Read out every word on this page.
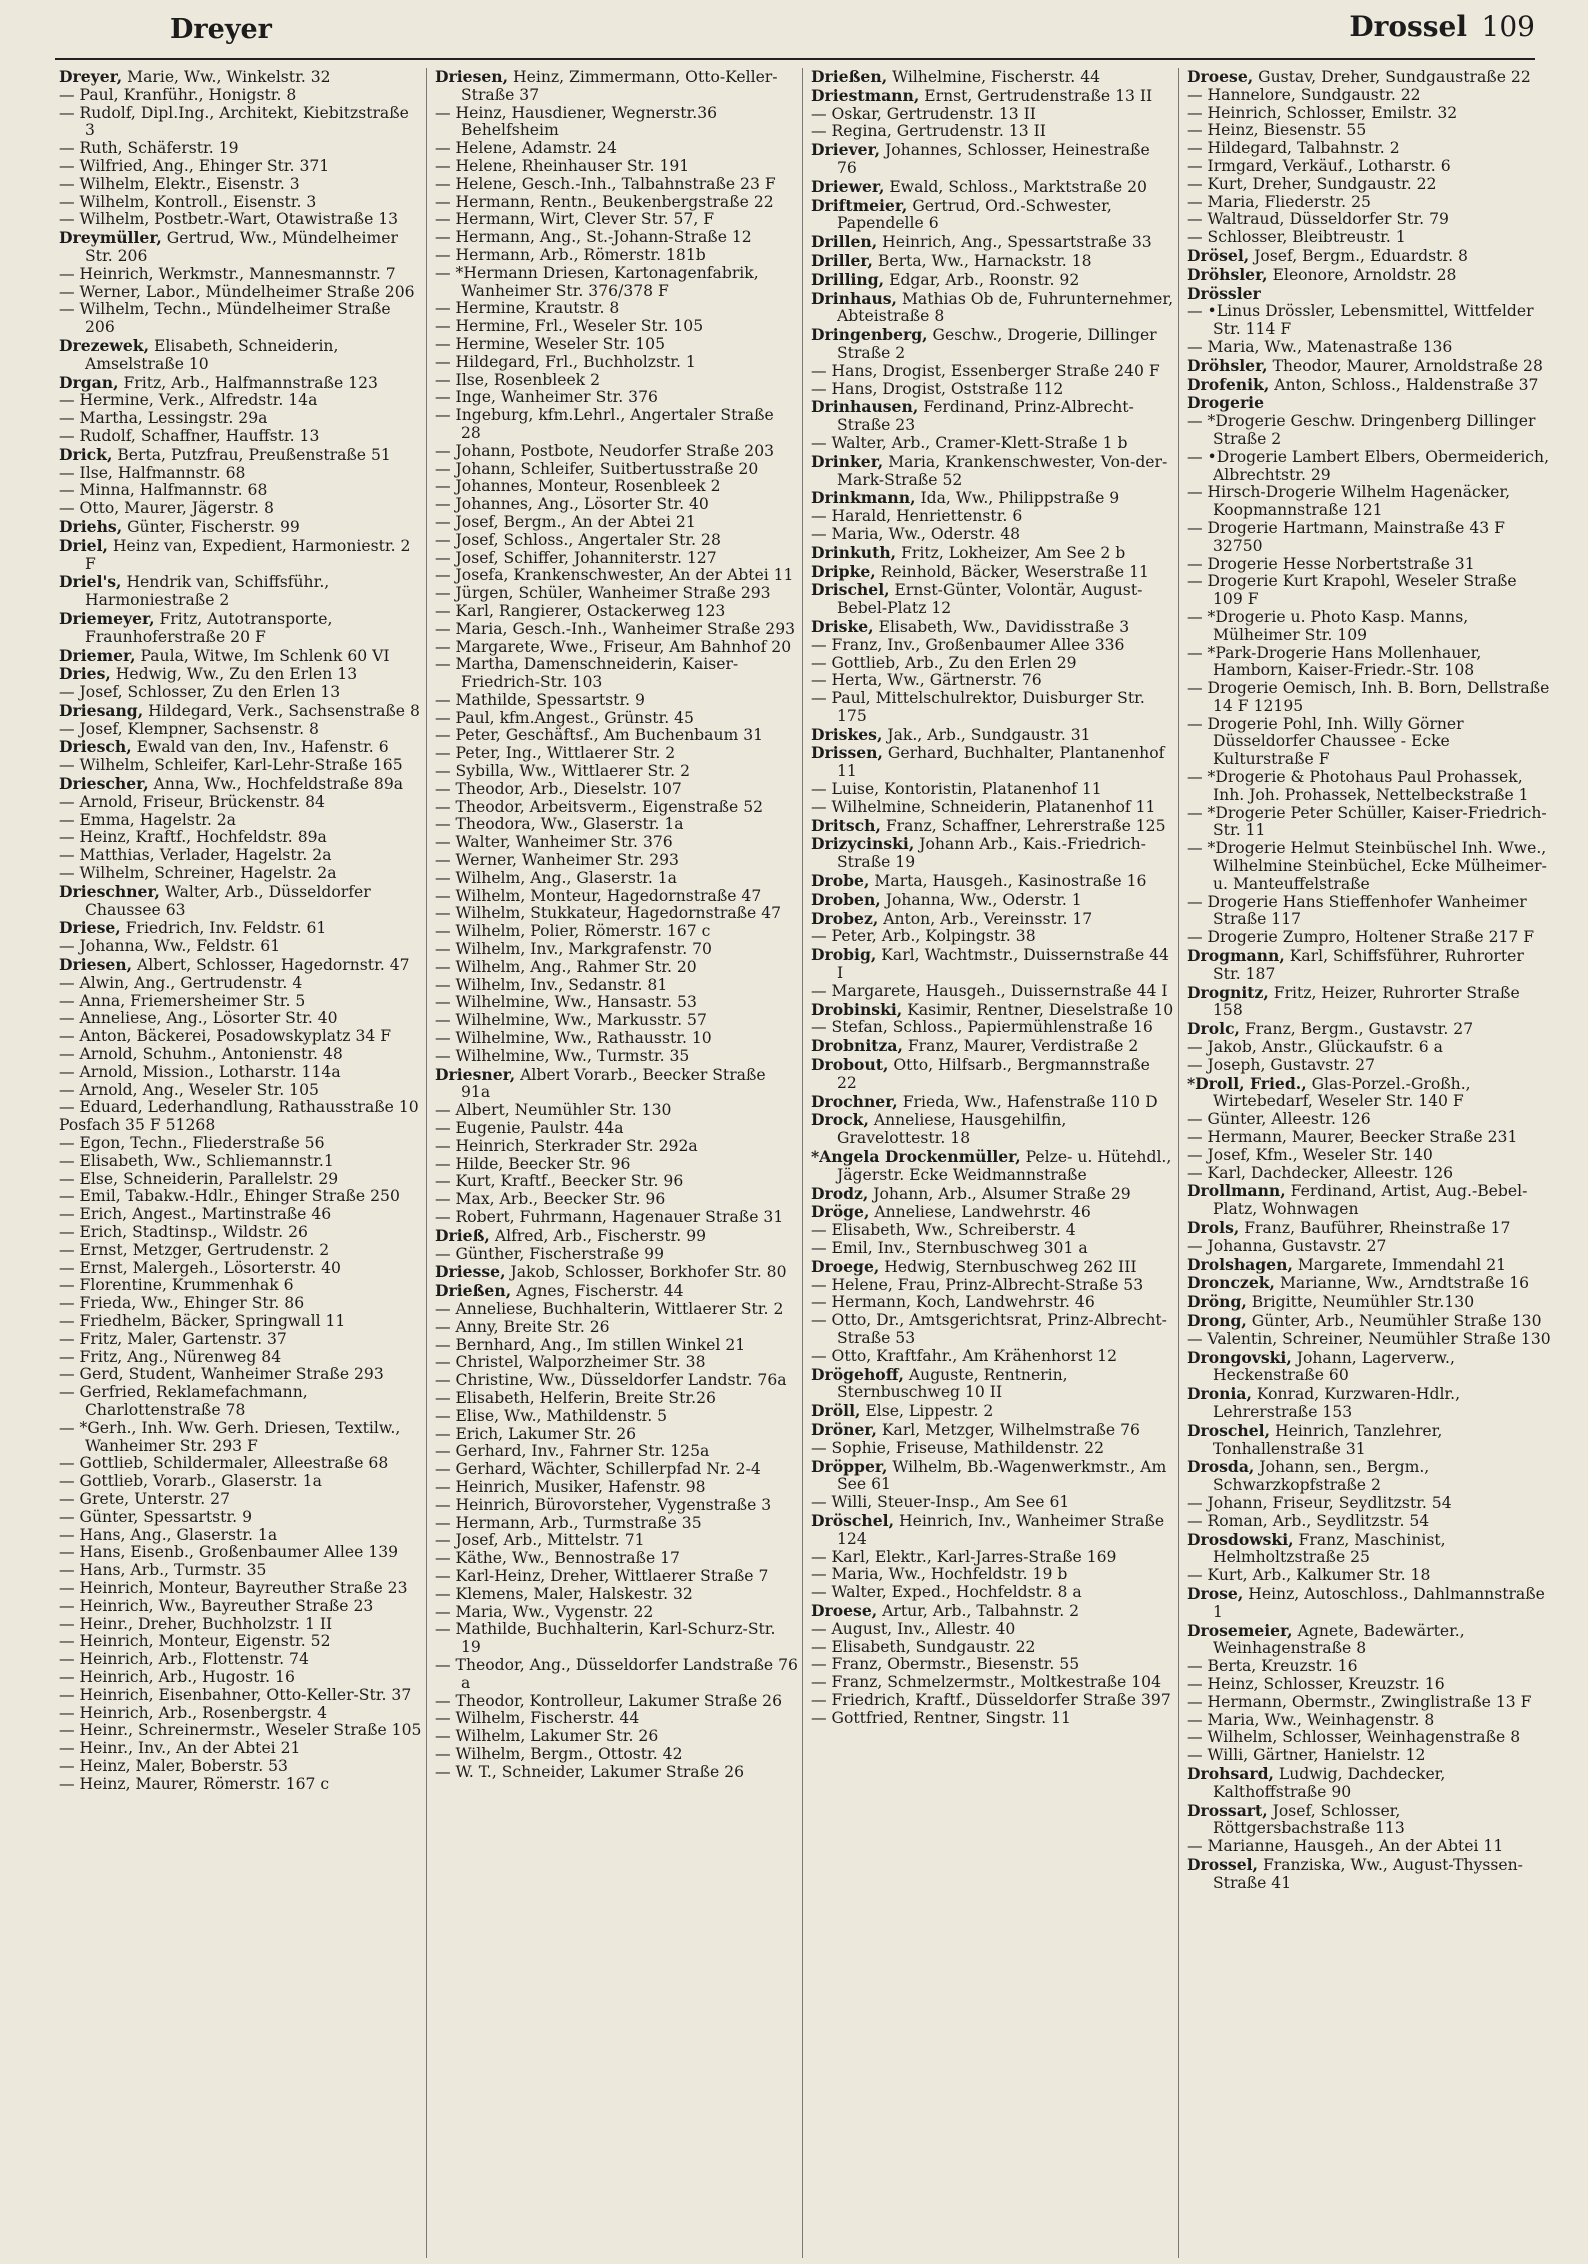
Dreyer	Drossel 109
Dreyer, Marie, Ww., Winkelstr. 32
— Paul, Kranführ., Honigstr. 8
— Rudolf, Dipl.Ing., Architekt, Kiebitzstraße 3
— Ruth, Schäferstr. 19
— Wilfried, Ang., Ehinger Str. 371
— Wilhelm, Elektr., Eisenstr. 3
— Wilhelm, Kontroll., Eisenstr. 3
— Wilhelm, Postbetr.-Wart, Otawistraße 13
Dreymüller, Gertrud, Ww., Mündelheimer Str. 206
— Heinrich, Werkmstr., Mannesmannstr. 7
— Werner, Labor., Mündelheimer Straße 206
— Wilhelm, Techn., Mündelheimer Straße 206
Drezewek, Elisabeth, Schneiderin, Amselstraße 10
Drgan, Fritz, Arb., Halfmannstraße 123
— Hermine, Verk., Alfredstr. 14a
— Martha, Lessingstr. 29a
— Rudolf, Schaffner, Hauffstr. 13
Drick, Berta, Putzfrau, Preußenstraße 51
— Ilse, Halfmannstr. 68
— Minna, Halfmannstr. 68
— Otto, Maurer, Jägerstr. 8
Driehs, Günter, Fischerstr. 99
Driel, Heinz van, Expedient, Harmoniestr. 2 F
Driel's, Hendrik van, Schiffsführ., Harmoniestraße 2
Driemeyer, Fritz, Autotransporte, Fraunhoferstraße 20 F
Driemer, Paula, Witwe, Im Schlenk 60 VI
Dries, Hedwig, Ww., Zu den Erlen 13
— Josef, Schlosser, Zu den Erlen 13
Driesang, Hildegard, Verk., Sachsenstraße 8
— Josef, Klempner, Sachsenstr. 8
Driesch, Ewald van den, Inv., Hafenstr. 6
— Wilhelm, Schleifer, Karl-Lehr-Straße 165
Driescher, Anna, Ww., Hochfeldstraße 89a
— Arnold, Friseur, Brückenstr. 84
— Emma, Hagelstr. 2a
— Heinz, Kraftf., Hochfeldstr. 89a
— Matthias, Verlader, Hagelstr. 2a
— Wilhelm, Schreiner, Hagelstr. 2a
Drieschner, Walter, Arb., Düsseldorfer Chaussee 63
Driese, Friedrich, Inv. Feldstr. 61
— Johanna, Ww., Feldstr. 61
Driesen, Albert, Schlosser, Hagedornstr. 47
— Alwin, Ang., Gertrudenstr. 4
— Anna, Friemersheimer Str. 5
— Anneliese, Ang., Lösorter Str. 40
— Anton, Bäckerei, Posadowskyplatz 34 F
— Arnold, Schuhm., Antonienstr. 48
— Arnold, Mission., Lotharstr. 114a
— Arnold, Ang., Weseler Str. 105
— Eduard, Lederhandlung, Rathausstraße 10
Posfach 35 F 51268
— Egon, Techn., Fliederstraße 56
— Elisabeth, Ww., Schliemannstr.1
— Else, Schneiderin, Parallelstr. 29
— Emil, Tabakw.-Hdlr., Ehinger Straße 250
— Erich, Angest., Martinstraße 46
— Erich, Stadtinsp., Wildstr. 26
— Ernst, Metzger, Gertrudenstr. 2
— Ernst, Malergeh., Lösorterstr. 40
— Florentine, Krummenhak 6
— Frieda, Ww., Ehinger Str. 86
— Friedhelm, Bäcker, Springwall 11
— Fritz, Maler, Gartenstr. 37
— Fritz, Ang., Nürenweg 84
— Gerd, Student, Wanheimer Straße 293
— Gerfried, Reklamefachmann, Charlottenstraße 78
— *Gerh., Inh. Ww. Gerh. Driesen, Textilw., Wanheimer Str. 293 F
— Gottlieb, Schildermaler, Alleestraße 68
— Gottlieb, Vorarb., Glaserstr. 1a
— Grete, Unterstr. 27
— Günter, Spessartstr. 9
— Hans, Ang., Glaserstr. 1a
— Hans, Eisenb., Großenbaumer Allee 139
— Hans, Arb., Turmstr. 35
— Heinrich, Monteur, Bayreuther Straße 23
— Heinrich, Ww., Bayreuther Straße 23
— Heinr., Dreher, Buchholzstr. 1 II
— Heinrich, Monteur, Eigenstr. 52
— Heinrich, Arb., Flottenstr. 74
— Heinrich, Arb., Hugostr. 16
— Heinrich, Eisenbahner, Otto-Keller-Str. 37
— Heinrich, Arb., Rosenbergstr. 4
— Heinr., Schreinermstr., Weseler Straße 105
— Heinr., Inv., An der Abtei 21
— Heinz, Maler, Boberstr. 53
— Heinz, Maurer, Römerstr. 167 c
Driesen, Heinz, Zimmermann, Otto-Keller-Straße 37
— Heinz, Hausdiener, Wegnerstr.36 Behelfsheim
— Helene, Adamstr. 24
— Helene, Rheinhauser Str. 191
— Helene, Gesch.-Inh., Talbahnstraße 23 F
— Hermann, Rentn., Beukenbergstraße 22
— Hermann, Wirt, Clever Str. 57, F
— Hermann, Ang., St.-Johann-Straße 12
— Hermann, Arb., Römerstr. 181b
— *Hermann Driesen, Kartonagenfabrik, Wanheimer Str. 376/378 F
— Hermine, Krautstr. 8
— Hermine, Frl., Weseler Str. 105
— Hermine, Weseler Str. 105
— Hildegard, Frl., Buchholzstr. 1
— Ilse, Rosenbleek 2
— Inge, Wanheimer Str. 376
— Ingeburg, kfm.Lehrl., Angertaler Straße 28
— Johann, Postbote, Neudorfer Straße 203
— Johann, Schleifer, Suitbertusstraße 20
— Johannes, Monteur, Rosenbleek 2
— Johannes, Ang., Lösorter Str. 40
— Josef, Bergm., An der Abtei 21
— Josef, Schloss., Angertaler Str. 28
— Josef, Schiffer, Johanniterstr. 127
— Josefa, Krankenschwester, An der Abtei 11
— Jürgen, Schüler, Wanheimer Straße 293
— Karl, Rangierer, Ostackerweg 123
— Maria, Gesch.-Inh., Wanheimer Straße 293
— Margarete, Wwe., Friseur, Am Bahnhof 20
— Martha, Damenschneiderin, Kaiser-Friedrich-Str. 103
— Mathilde, Spessartstr. 9
— Paul, kfm.Angest., Grünstr. 45
— Peter, Geschäftsf., Am Buchenbaum 31
— Peter, Ing., Wittlaerer Str. 2
— Sybilla, Ww., Wittlaerer Str. 2
— Theodor, Arb., Dieselstr. 107
— Theodor, Arbeitsverm., Eigenstraße 52
— Theodora, Ww., Glaserstr. 1a
— Walter, Wanheimer Str. 376
— Werner, Wanheimer Str. 293
— Wilhelm, Ang., Glaserstr. 1a
— Wilhelm, Monteur, Hagedornstraße 47
— Wilhelm, Stukkateur, Hagedornstraße 47
— Wilhelm, Polier, Römerstr. 167 c
— Wilhelm, Inv., Markgrafenstr. 70
— Wilhelm, Ang., Rahmer Str. 20
— Wilhelm, Inv., Sedanstr. 81
— Wilhelmine, Ww., Hansastr. 53
— Wilhelmine, Ww., Markusstr. 57
— Wilhelmine, Ww., Rathausstr. 10
— Wilhelmine, Ww., Turmstr. 35
Driesner, Albert Vorarb., Beecker Straße 91a
— Albert, Neumühler Str. 130
— Eugenie, Paulstr. 44a
— Heinrich, Sterkrader Str. 292a
— Hilde, Beecker Str. 96
— Kurt, Kraftf., Beecker Str. 96
— Max, Arb., Beecker Str. 96
— Robert, Fuhrmann, Hagenauer Straße 31
Drieß, Alfred, Arb., Fischerstr. 99
— Günther, Fischerstraße 99
Driesse, Jakob, Schlosser, Borkhofer Str. 80
Drießen, Agnes, Fischerstr. 44
— Anneliese, Buchhalterin, Wittlaerer Str. 2
— Anny, Breite Str. 26
— Bernhard, Ang., Im stillen Winkel 21
— Christel, Walporzheimer Str. 38
— Christine, Ww., Düsseldorfer Landstr. 76a
— Elisabeth, Helferin, Breite Str.26
— Elise, Ww., Mathildenstr. 5
— Erich, Lakumer Str. 26
— Gerhard, Inv., Fahrner Str. 125a
— Gerhard, Wächter, Schillerpfad Nr. 2-4
— Heinrich, Musiker, Hafenstr. 98
— Heinrich, Bürovorsteher, Vygenstraße 3
— Hermann, Arb., Turmstraße 35
— Josef, Arb., Mittelstr. 71
— Käthe, Ww., Bennostraße 17
— Karl-Heinz, Dreher, Wittlaerer Straße 7
— Klemens, Maler, Halskestr. 32
— Maria, Ww., Vygenstr. 22
— Mathilde, Buchhalterin, Karl-Schurz-Str. 19
— Theodor, Ang., Düsseldorfer Landstraße 76 a
— Theodor, Kontrolleur, Lakumer Straße 26
— Wilhelm, Fischerstr. 44
— Wilhelm, Lakumer Str. 26
— Wilhelm, Bergm., Ottostr. 42
— W. T., Schneider, Lakumer Straße 26
Drießen, Wilhelmine, Fischerstr. 44
Driestmann, Ernst, Gertrudenstraße 13 II
— Oskar, Gertrudenstr. 13 II
— Regina, Gertrudenstr. 13 II
Driever, Johannes, Schlosser, Heinestraße 76
Driewer, Ewald, Schloss., Marktstraße 20
Driftmeier, Gertrud, Ord.-Schwester, Papendelle 6
Drillen, Heinrich, Ang., Spessartstraße 33
Driller, Berta, Ww., Harnackstr. 18
Drilling, Edgar, Arb., Roonstr. 92
Drinhaus, Mathias Ob de, Fuhrunternehmer, Abteistraße 8
Dringenberg, Geschw., Drogerie, Dillinger Straße 2
— Hans, Drogist, Essenberger Straße 240 F
— Hans, Drogist, Oststraße 112
Drinhausen, Ferdinand, Prinz-Albrecht-Straße 23
— Walter, Arb., Cramer-Klett-Straße 1 b
Drinker, Maria, Krankenschwester, Von-der-Mark-Straße 52
Drinkmann, Ida, Ww., Philippstraße 9
— Harald, Henriettenstr. 6
— Maria, Ww., Oderstr. 48
Drinkuth, Fritz, Lokheizer, Am See 2 b
Dripke, Reinhold, Bäcker, Weserstraße 11
Drischel, Ernst-Günter, Volontär, August-Bebel-Platz 12
Driske, Elisabeth, Ww., Davidisstraße 3
— Franz, Inv., Großenbaumer Allee 336
— Gottlieb, Arb., Zu den Erlen 29
— Herta, Ww., Gärtnerstr. 76
— Paul, Mittelschulrektor, Duisburger Str. 175
Driskes, Jak., Arb., Sundgaustr. 31
Drissen, Gerhard, Buchhalter, Plantanenhof 11
— Luise, Kontoristin, Platanenhof 11
— Wilhelmine, Schneiderin, Platanenhof 11
Dritsch, Franz, Schaffner, Lehrerstraße 125
Drizycinski, Johann Arb., Kais.-Friedrich-Straße 19
Drobe, Marta, Hausgeh., Kasinostraße 16
Droben, Johanna, Ww., Oderstr. 1
Drobez, Anton, Arb., Vereinsstr. 17
— Peter, Arb., Kolpingstr. 38
Drobig, Karl, Wachtmstr., Duissernstraße 44 I
— Margarete, Hausgeh., Duissernstraße 44 I
Drobinski, Kasimir, Rentner, Dieselstraße 10
— Stefan, Schloss., Papiermühlenstraße 16
Drobnitza, Franz, Maurer, Verdistraße 2
Drobout, Otto, Hilfsarb., Bergmannstraße 22
Drochner, Frieda, Ww., Hafenstraße 110 D
Drock, Anneliese, Hausgehilfin, Gravelottestr. 18
*Angela Drockenmüller, Pelze- u. Hütehdl., Jägerstr. Ecke Weidmannstraße
Drodz, Johann, Arb., Alsumer Straße 29
Dröge, Anneliese, Landwehrstr. 46
— Elisabeth, Ww., Schreiberstr. 4
— Emil, Inv., Sternbuschweg 301 a
Droege, Hedwig, Sternbuschweg 262 III
— Helene, Frau, Prinz-Albrecht-Straße 53
— Hermann, Koch, Landwehrstr. 46
— Otto, Dr., Amtsgerichtsrat, Prinz-Albrecht-Straße 53
— Otto, Kraftfahr., Am Krähenhorst 12
Drögehoff, Auguste, Rentnerin, Sternbuschweg 10 II
Dröll, Else, Lippestr. 2
Dröner, Karl, Metzger, Wilhelmstraße 76
— Sophie, Friseuse, Mathildenstr. 22
Dröpper, Wilhelm, Bb.-Wagenwerkmstr., Am See 61
— Willi, Steuer-Insp., Am See 61
Dröschel, Heinrich, Inv., Wanheimer Straße 124
— Karl, Elektr., Karl-Jarres-Straße 169
— Maria, Ww., Hochfeldstr. 19 b
— Walter, Exped., Hochfeldstr. 8 a
Droese, Artur, Arb., Talbahnstr. 2
— August, Inv., Allestr. 40
— Elisabeth, Sundgaustr. 22
— Franz, Obermstr., Biesenstr. 55
— Franz, Schmelzermstr., Moltkestraße 104
— Friedrich, Kraftf., Düsseldorfer Straße 397
— Gottfried, Rentner, Singstr. 11
Droese, Gustav, Dreher, Sundgaustraße 22
— Hannelore, Sundgaustr. 22
— Heinrich, Schlosser, Emilstr. 32
— Heinz, Biesenstr. 55
— Hildegard, Talbahnstr. 2
— Irmgard, Verkäuf., Lotharstr. 6
— Kurt, Dreher, Sundgaustr. 22
— Maria, Fliederstr. 25
— Waltraud, Düsseldorfer Str. 79
— Schlosser, Bleibtreustr. 1
Drösel, Josef, Bergm., Eduardstr. 8
Dröhsler, Eleonore, Arnoldstr. 28
Drössler
— •Linus Drössler, Lebensmittel, Wittfelder Str. 114 F
— Maria, Ww., Matenastraße 136
Dröhsler, Theodor, Maurer, Arnoldstraße 28
Drofenik, Anton, Schloss., Haldenstraße 37
Drogerie
— *Drogerie Geschw. Dringenberg Dillinger Straße 2
— •Drogerie Lambert Elbers, Obermeiderich, Albrechtstr. 29
— Hirsch-Drogerie Wilhelm Hagenäcker, Koopmannstraße 121
— Drogerie Hartmann, Mainstraße 43 F 32750
— Drogerie Hesse Norbertstraße 31
— Drogerie Kurt Krapohl, Weseler Straße 109 F
— *Drogerie u. Photo Kasp. Manns, Mülheimer Str. 109
— *Park-Drogerie Hans Mollenhauer, Hamborn, Kaiser-Friedr.-Str. 108
— Drogerie Oemisch, Inh. B. Born, Dellstraße 14 F 12195
— Drogerie Pohl, Inh. Willy Görner Düsseldorfer Chaussee - Ecke Kulturstraße F
— *Drogerie & Photohaus Paul Prohassek, Inh. Joh. Prohassek, Nettelbeckstraße 1
— *Drogerie Peter Schüller, Kaiser-Friedrich-Str. 11
— *Drogerie Helmut Steinbüschel Inh. Wwe., Wilhelmine Steinbüchel, Ecke Mülheimer- u. Manteuffelstraße
— Drogerie Hans Stieffenhofer Wanheimer Straße 117
— Drogerie Zumpro, Holtener Straße 217 F
Drogmann, Karl, Schiffsführer, Ruhrorter Str. 187
Drognitz, Fritz, Heizer, Ruhrorter Straße 158
Drolc, Franz, Bergm., Gustavstr. 27
— Jakob, Anstr., Glückaufstr. 6 a
— Joseph, Gustavstr. 27
*Droll, Fried., Glas-Porzel.-Großh., Wirtebedarf, Weseler Str. 140 F
— Günter, Alleestr. 126
— Hermann, Maurer, Beecker Straße 231
— Josef, Kfm., Weseler Str. 140
— Karl, Dachdecker, Alleestr. 126
Drollmann, Ferdinand, Artist, Aug.-Bebel-Platz, Wohnwagen
Drols, Franz, Bauführer, Rheinstraße 17
— Johanna, Gustavstr. 27
Drolshagen, Margarete, Immendahl 21
Dronczek, Marianne, Ww., Arndtstraße 16
Dröng, Brigitte, Neumühler Str.130
Drong, Günter, Arb., Neumühler Straße 130
— Valentin, Schreiner, Neumühler Straße 130
Drongovski, Johann, Lagerverw., Heckenstraße 60
Dronia, Konrad, Kurzwaren-Hdlr., Lehrerstraße 153
Droschel, Heinrich, Tanzlehrer, Tonhallenstraße 31
Drosda, Johann, sen., Bergm., Schwarzkopfstraße 2
— Johann, Friseur, Seydlitzstr. 54
— Roman, Arb., Seydlitzstr. 54
Drosdowski, Franz, Maschinist, Helmholtzstraße 25
— Kurt, Arb., Kalkumer Str. 18
Drose, Heinz, Autoschloss., Dahlmannstraße 1
Drosemeier, Agnete, Badewärter., Weinhagenstraße 8
— Berta, Kreuzstr. 16
— Heinz, Schlosser, Kreuzstr. 16
— Hermann, Obermstr., Zwinglistraße 13 F
— Maria, Ww., Weinhagenstr. 8
— Wilhelm, Schlosser, Weinhagenstraße 8
— Willi, Gärtner, Hanielstr. 12
Drohsard, Ludwig, Dachdecker, Kalthoffstraße 90
Drossart, Josef, Schlosser, Röttgersbachstraße 113
— Marianne, Hausgeh., An der Abtei 11
Drossel, Franziska, Ww., August-Thyssen-Straße 41
